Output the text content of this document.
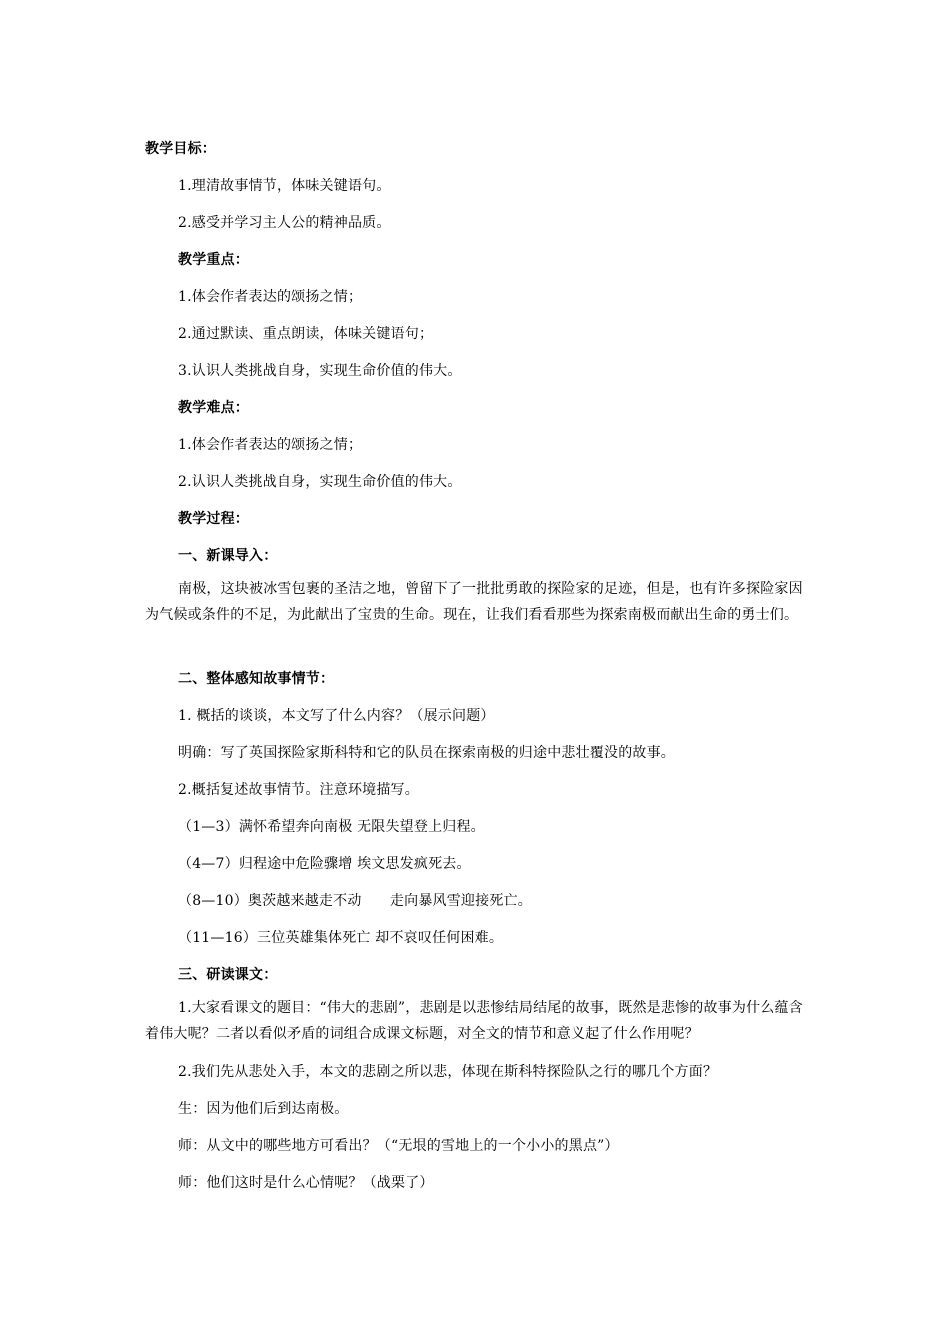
教学目标：
1.理清故事情节，体味关键语句。
2.感受并学习主人公的精神品质。
教学重点：
1.体会作者表达的颂扬之情；
2.通过默读、重点朗读，体味关键语句；
3.认识人类挑战自身，实现生命价值的伟大。
教学难点：
1.体会作者表达的颂扬之情；
2.认识人类挑战自身，实现生命价值的伟大。
教学过程：
一、新课导入：
南极，这块被冰雪包裹的圣洁之地，曾留下了一批批勇敢的探险家的足迹，但是，也有许多探险家因为气候或条件的不足，为此献出了宝贵的生命。现在，让我们看看那些为探索南极而献出生命的勇士们。
二、整体感知故事情节：
1. 概括的谈谈，本文写了什么内容？（展示问题）
明确：写了英国探险家斯科特和它的队员在探索南极的归途中悲壮覆没的故事。
2.概括复述故事情节。注意环境描写。
（1—3）满怀希望奔向南极 无限失望登上归程。
（4—7）归程途中危险骤增 埃文思发疯死去。
（8—10）奥茨越来越走不动　　走向暴风雪迎接死亡。
（11—16）三位英雄集体死亡 却不哀叹任何困难。
三、研读课文：
1.大家看课文的题目：“伟大的悲剧”，悲剧是以悲惨结局结尾的故事，既然是悲惨的故事为什么蕴含着伟大呢？二者以看似矛盾的词组合成课文标题，对全文的情节和意义起了什么作用呢？
2.我们先从悲处入手，本文的悲剧之所以悲，体现在斯科特探险队之行的哪几个方面？
生：因为他们后到达南极。
师：从文中的哪些地方可看出？（“无垠的雪地上的一个小小的黑点”）
师：他们这时是什么心情呢？（战栗了）
